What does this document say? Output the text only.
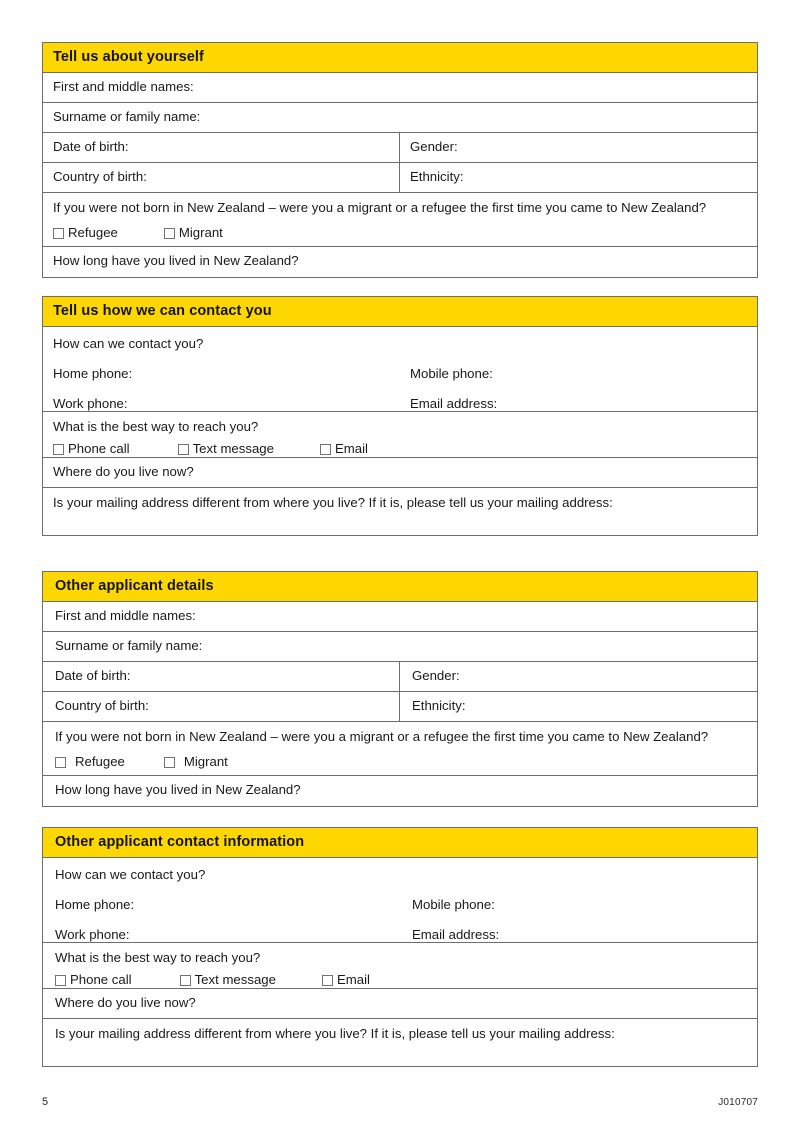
Tell us about yourself
First and middle names:
Surname or family name:
Date of birth:	Gender:
Country of birth:	Ethnicity:
If you were not born in New Zealand – were you a migrant or a refugee the first time you came to New Zealand?
Refugee	Migrant
How long have you lived in New Zealand?
Tell us how we can contact you
How can we contact you?
Home phone:	Mobile phone:
Work phone:	Email address:
What is the best way to reach you?
Phone call	Text message	Email
Where do you live now?
Is your mailing address different from where you live? If it is, please tell us your mailing address:
Other applicant details
First and middle names:
Surname or family name:
Date of birth:	Gender:
Country of birth:	Ethnicity:
If you were not born in New Zealand – were you a migrant or a refugee the first time you came to New Zealand?
Refugee	Migrant
How long have you lived in New Zealand?
Other applicant contact information
How can we contact you?
Home phone:	Mobile phone:
Work phone:	Email address:
What is the best way to reach you?
Phone call	Text message	Email
Where do you live now?
Is your mailing address different from where you live? If it is, please tell us your mailing address:
5	J010707
